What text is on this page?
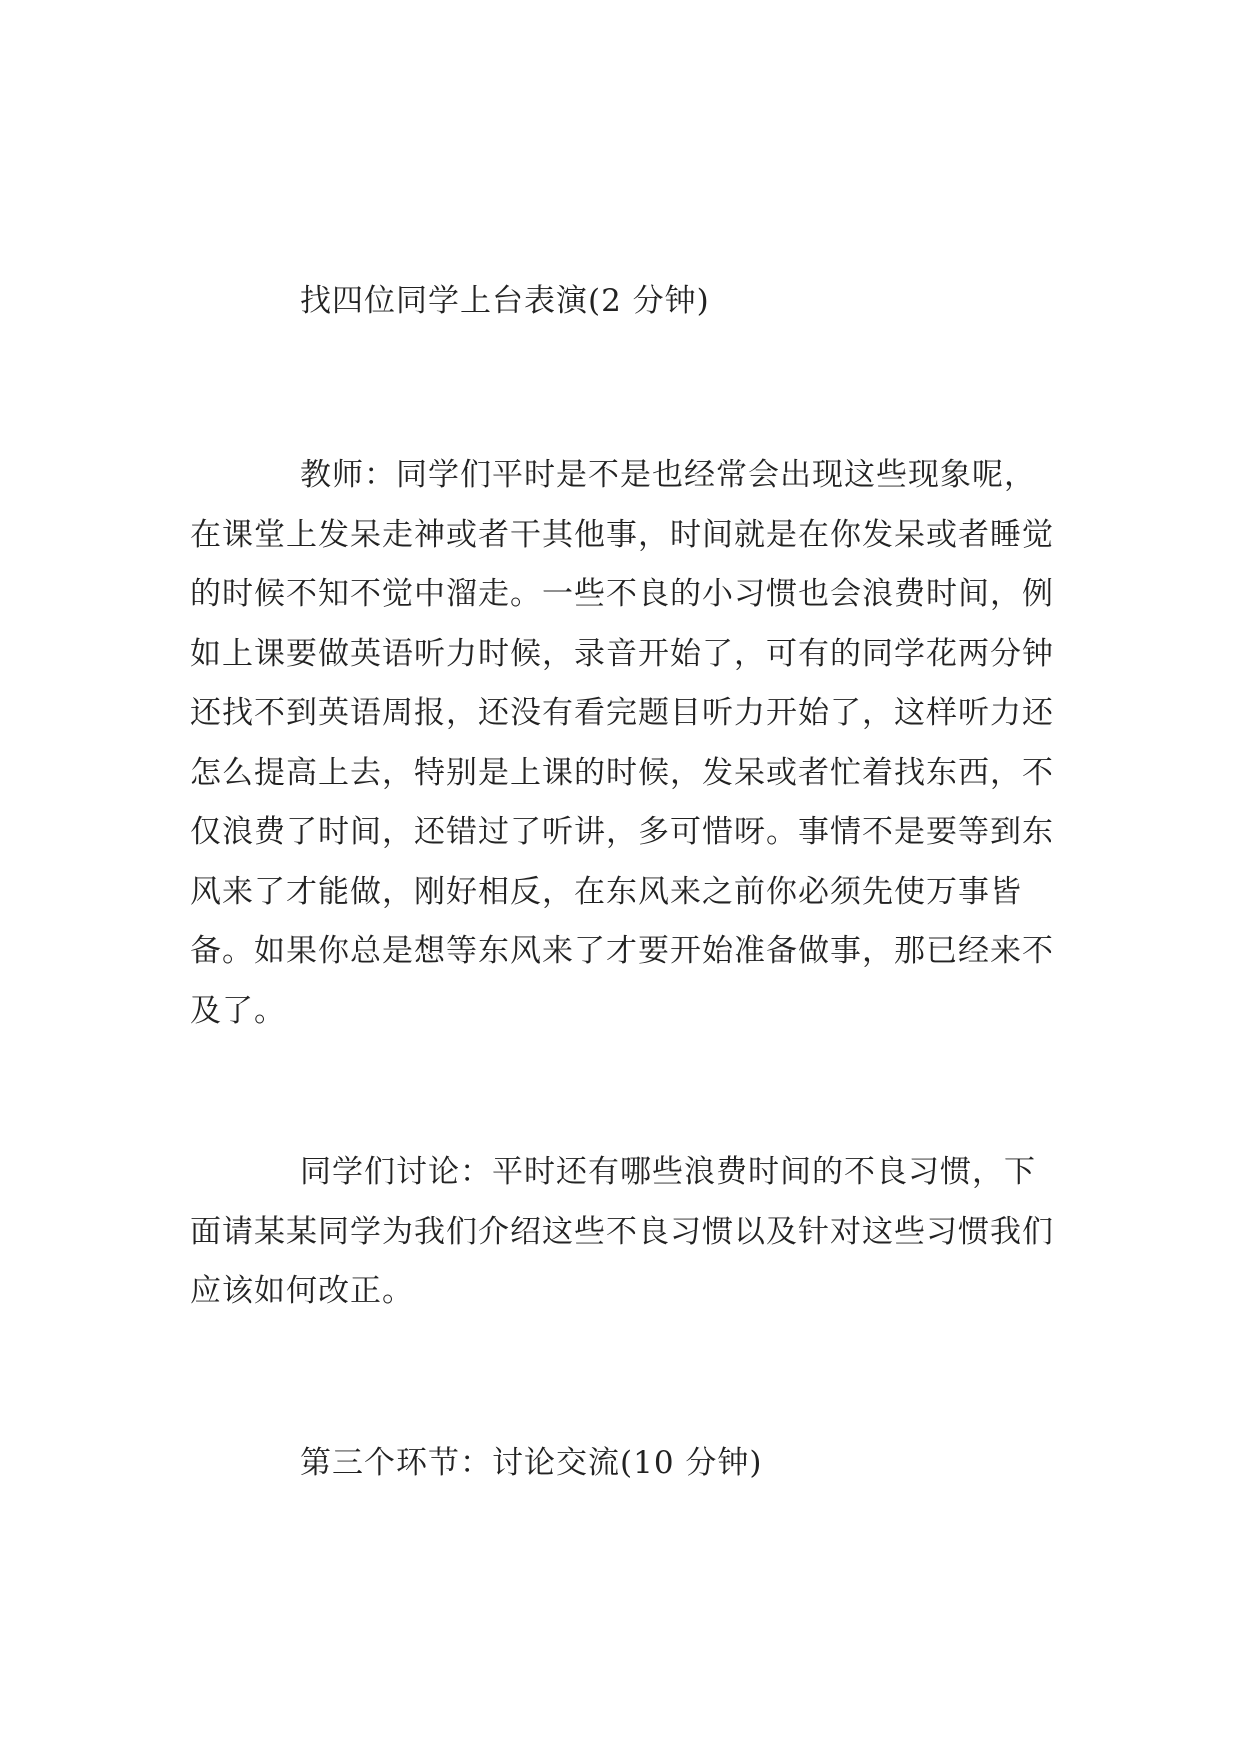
找四位同学上台表演(2 分钟)

教师：同学们平时是不是也经常会出现这些现象呢，在课堂上发呆走神或者干其他事，时间就是在你发呆或者睡觉的时候不知不觉中溜走。一些不良的小习惯也会浪费时间，例如上课要做英语听力时候，录音开始了，可有的同学花两分钟还找不到英语周报，还没有看完题目听力开始了，这样听力还怎么提高上去，特别是上课的时候，发呆或者忙着找东西，不仅浪费了时间，还错过了听讲，多可惜呀。事情不是要等到东风来了才能做，刚好相反，在东风来之前你必须先使万事皆备。如果你总是想等东风来了才要开始准备做事，那已经来不及了。

同学们讨论：平时还有哪些浪费时间的不良习惯，下面请某某同学为我们介绍这些不良习惯以及针对这些习惯我们应该如何改正。

第三个环节：讨论交流(10 分钟)
